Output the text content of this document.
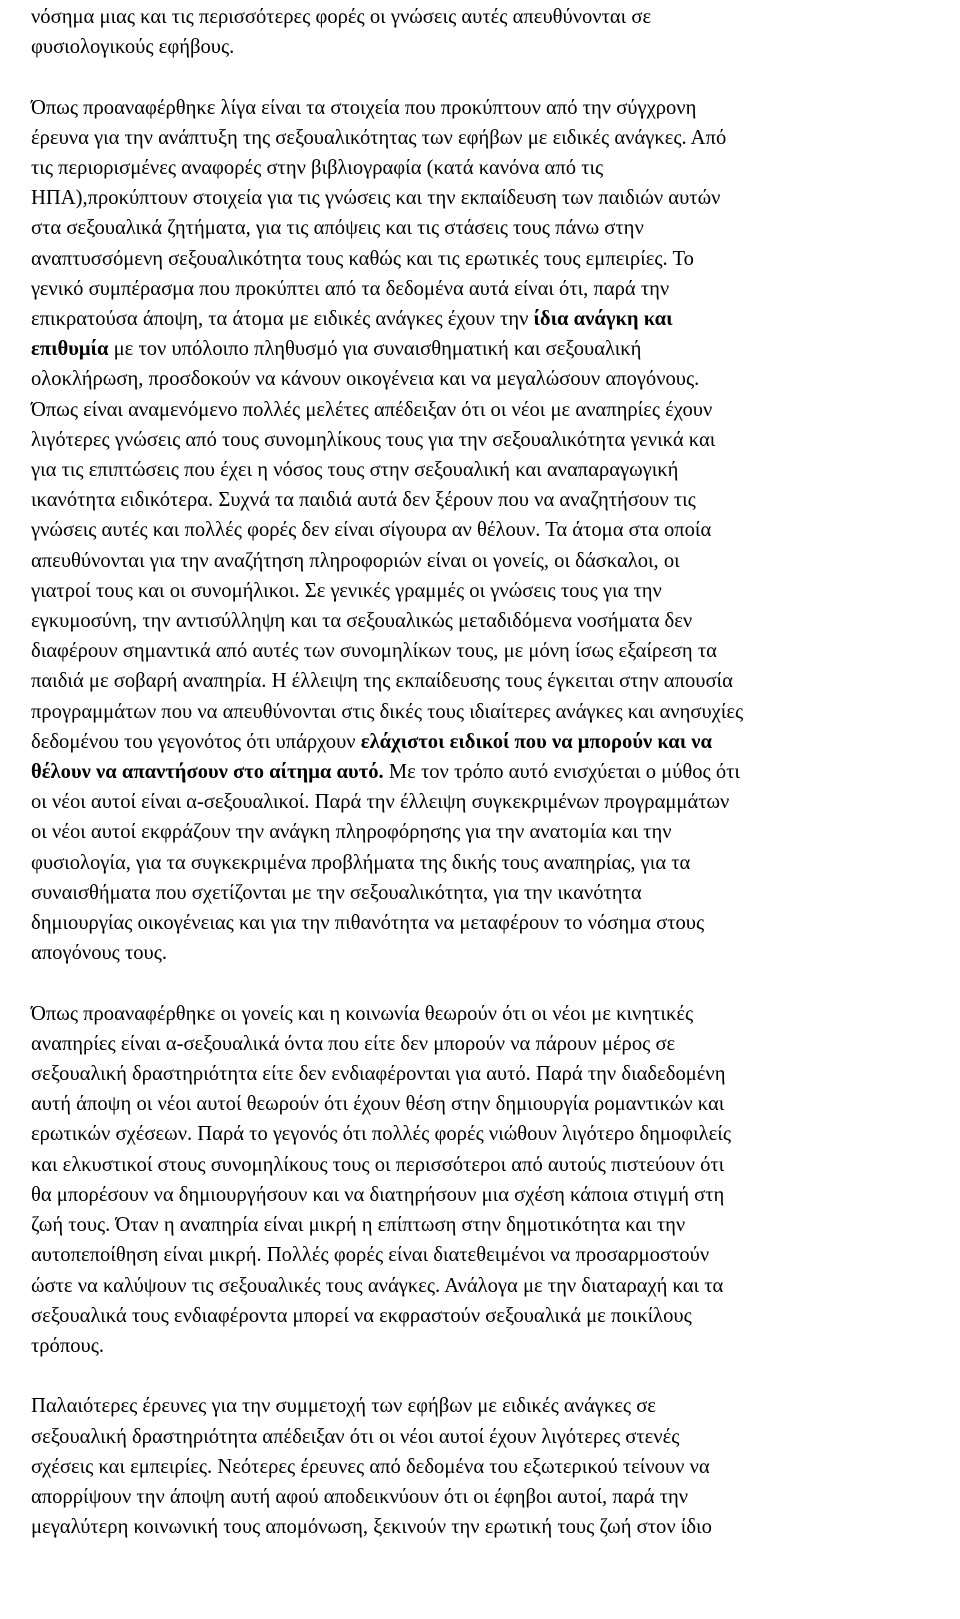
νόσημα μιας και τις περισσότερες φορές οι γνώσεις αυτές απευθύνονται σε
φυσιολογικούς εφήβους.

Όπως προαναφέρθηκε λίγα είναι τα στοιχεία που προκύπτουν από την σύγχρονη
έρευνα για την ανάπτυξη της σεξουαλικότητας των εφήβων με ειδικές ανάγκες. Από
τις περιορισμένες αναφορές στην βιβλιογραφία (κατά κανόνα από τις
ΗΠΑ),προκύπτουν στοιχεία για τις γνώσεις και την εκπαίδευση των παιδιών αυτών
στα σεξουαλικά ζητήματα, για τις απόψεις και τις στάσεις τους πάνω στην
αναπτυσσόμενη σεξουαλικότητα τους καθώς και τις ερωτικές τους εμπειρίες. Το
γενικό συμπέρασμα που προκύπτει από τα δεδομένα αυτά είναι ότι, παρά την
επικρατούσα άποψη, τα άτομα με ειδικές ανάγκες έχουν την ίδια ανάγκη και
επιθυμία με τον υπόλοιπο πληθυσμό για συναισθηματική και σεξουαλική
ολοκλήρωση, προσδοκούν να κάνουν οικογένεια και να μεγαλώσουν απογόνους.
Όπως είναι αναμενόμενο πολλές μελέτες απέδειξαν ότι οι νέοι με αναπηρίες έχουν
λιγότερες γνώσεις από τους συνομηλίκους τους για την σεξουαλικότητα γενικά και
για τις επιπτώσεις που έχει η νόσος τους στην σεξουαλική και αναπαραγωγική
ικανότητα ειδικότερα. Συχνά τα παιδιά αυτά δεν ξέρουν που να αναζητήσουν τις
γνώσεις αυτές και πολλές φορές δεν είναι σίγουρα αν θέλουν. Τα άτομα στα οποία
απευθύνονται για την αναζήτηση πληροφοριών είναι οι γονείς, οι δάσκαλοι, οι
γιατροί τους και οι συνομήλικοι. Σε γενικές γραμμές οι γνώσεις τους για την
εγκυμοσύνη, την αντισύλληψη και τα σεξουαλικώς μεταδιδόμενα νοσήματα δεν
διαφέρουν σημαντικά από αυτές των συνομηλίκων τους, με μόνη ίσως εξαίρεση τα
παιδιά με σοβαρή αναπηρία. Η έλλειψη της εκπαίδευσης τους έγκειται στην απουσία
προγραμμάτων που να απευθύνονται στις δικές τους ιδιαίτερες ανάγκες και ανησυχίες
δεδομένου του γεγονότος ότι υπάρχουν ελάχιστοι ειδικοί που να μπορούν και να
θέλουν να απαντήσουν στο αίτημα αυτό. Με τον τρόπο αυτό ενισχύεται ο μύθος ότι
οι νέοι αυτοί είναι α-σεξουαλικοί. Παρά την έλλειψη συγκεκριμένων προγραμμάτων
οι νέοι αυτοί εκφράζουν την ανάγκη πληροφόρησης για την ανατομία και την
φυσιολογία, για τα συγκεκριμένα προβλήματα της δικής τους αναπηρίας, για τα
συναισθήματα που σχετίζονται με την σεξουαλικότητα, για την ικανότητα
δημιουργίας οικογένειας και για την πιθανότητα να μεταφέρουν το νόσημα στους
απογόνους τους.

Όπως προαναφέρθηκε οι γονείς και η κοινωνία θεωρούν ότι οι νέοι με κινητικές
αναπηρίες είναι α-σεξουαλικά όντα που είτε δεν μπορούν να πάρουν μέρος σε
σεξουαλική δραστηριότητα είτε δεν ενδιαφέρονται για αυτό. Παρά την διαδεδομένη
αυτή άποψη οι νέοι αυτοί θεωρούν ότι έχουν θέση στην δημιουργία ρομαντικών και
ερωτικών σχέσεων. Παρά το γεγονός ότι πολλές φορές νιώθουν λιγότερο δημοφιλείς
και ελκυστικοί στους συνομηλίκους τους οι περισσότεροι από αυτούς πιστεύουν ότι
θα μπορέσουν να δημιουργήσουν και να διατηρήσουν μια σχέση κάποια στιγμή στη
ζωή τους. Όταν η αναπηρία είναι μικρή η επίπτωση στην δημοτικότητα και την
αυτοπεποίθηση είναι μικρή. Πολλές φορές είναι διατεθειμένοι να προσαρμοστούν
ώστε να καλύψουν τις σεξουαλικές τους ανάγκες. Ανάλογα με την διαταραχή και τα
σεξουαλικά τους ενδιαφέροντα μπορεί να εκφραστούν σεξουαλικά με ποικίλους
τρόπους.

Παλαιότερες έρευνες για την συμμετοχή των εφήβων με ειδικές ανάγκες σε
σεξουαλική δραστηριότητα απέδειξαν ότι οι νέοι αυτοί έχουν λιγότερες στενές
σχέσεις και εμπειρίες. Νεότερες έρευνες από δεδομένα του εξωτερικού τείνουν να
απορρίψουν την άποψη αυτή αφού αποδεικνύουν ότι οι έφηβοι αυτοί, παρά την
μεγαλύτερη κοινωνική τους απομόνωση, ξεκινούν την ερωτική τους ζωή στον ίδιο
